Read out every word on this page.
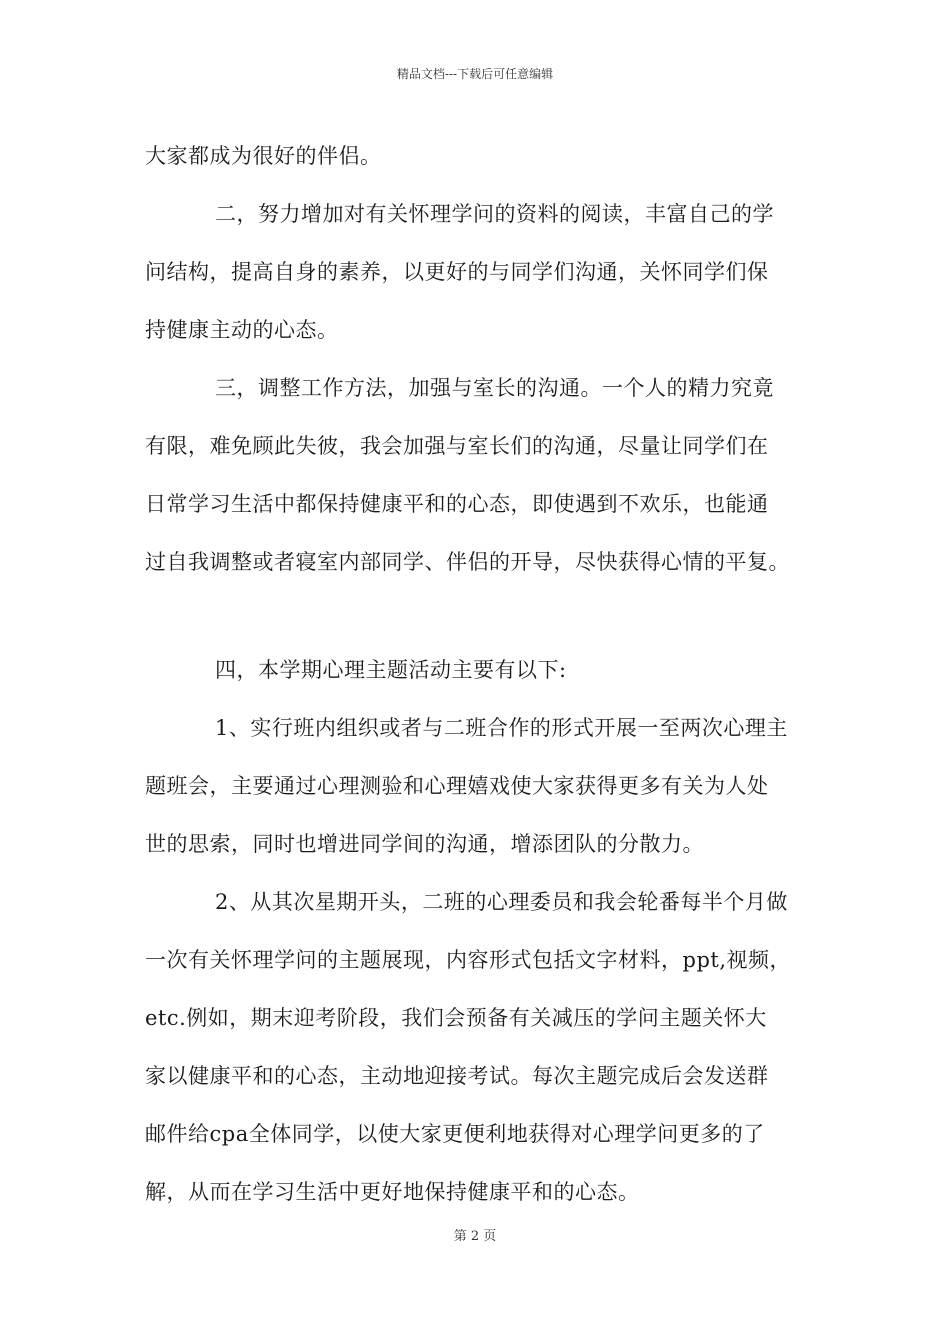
精品文档---下载后可任意编辑
大家都成为很好的伴侣。
二，努力增加对有关怀理学问的资料的阅读，丰富自己的学
问结构，提高自身的素养，以更好的与同学们沟通，关怀同学们保
持健康主动的心态。
三，调整工作方法，加强与室长的沟通。一个人的精力究竟
有限，难免顾此失彼，我会加强与室长们的沟通，尽量让同学们在
日常学习生活中都保持健康平和的心态，即使遇到不欢乐，也能通
过自我调整或者寝室内部同学、伴侣的开导，尽快获得心情的平复。
四，本学期心理主题活动主要有以下:
1、实行班内组织或者与二班合作的形式开展一至两次心理主
题班会，主要通过心理测验和心理嬉戏使大家获得更多有关为人处
世的思索，同时也增进同学间的沟通，增添团队的分散力。
2、从其次星期开头，二班的心理委员和我会轮番每半个月做
一次有关怀理学问的主题展现，内容形式包括文字材料，ppt,视频，
etc.例如，期末迎考阶段，我们会预备有关减压的学问主题关怀大
家以健康平和的心态，主动地迎接考试。每次主题完成后会发送群
邮件给cpa全体同学，以使大家更便利地获得对心理学问更多的了
解，从而在学习生活中更好地保持健康平和的心态。
第 2 页
